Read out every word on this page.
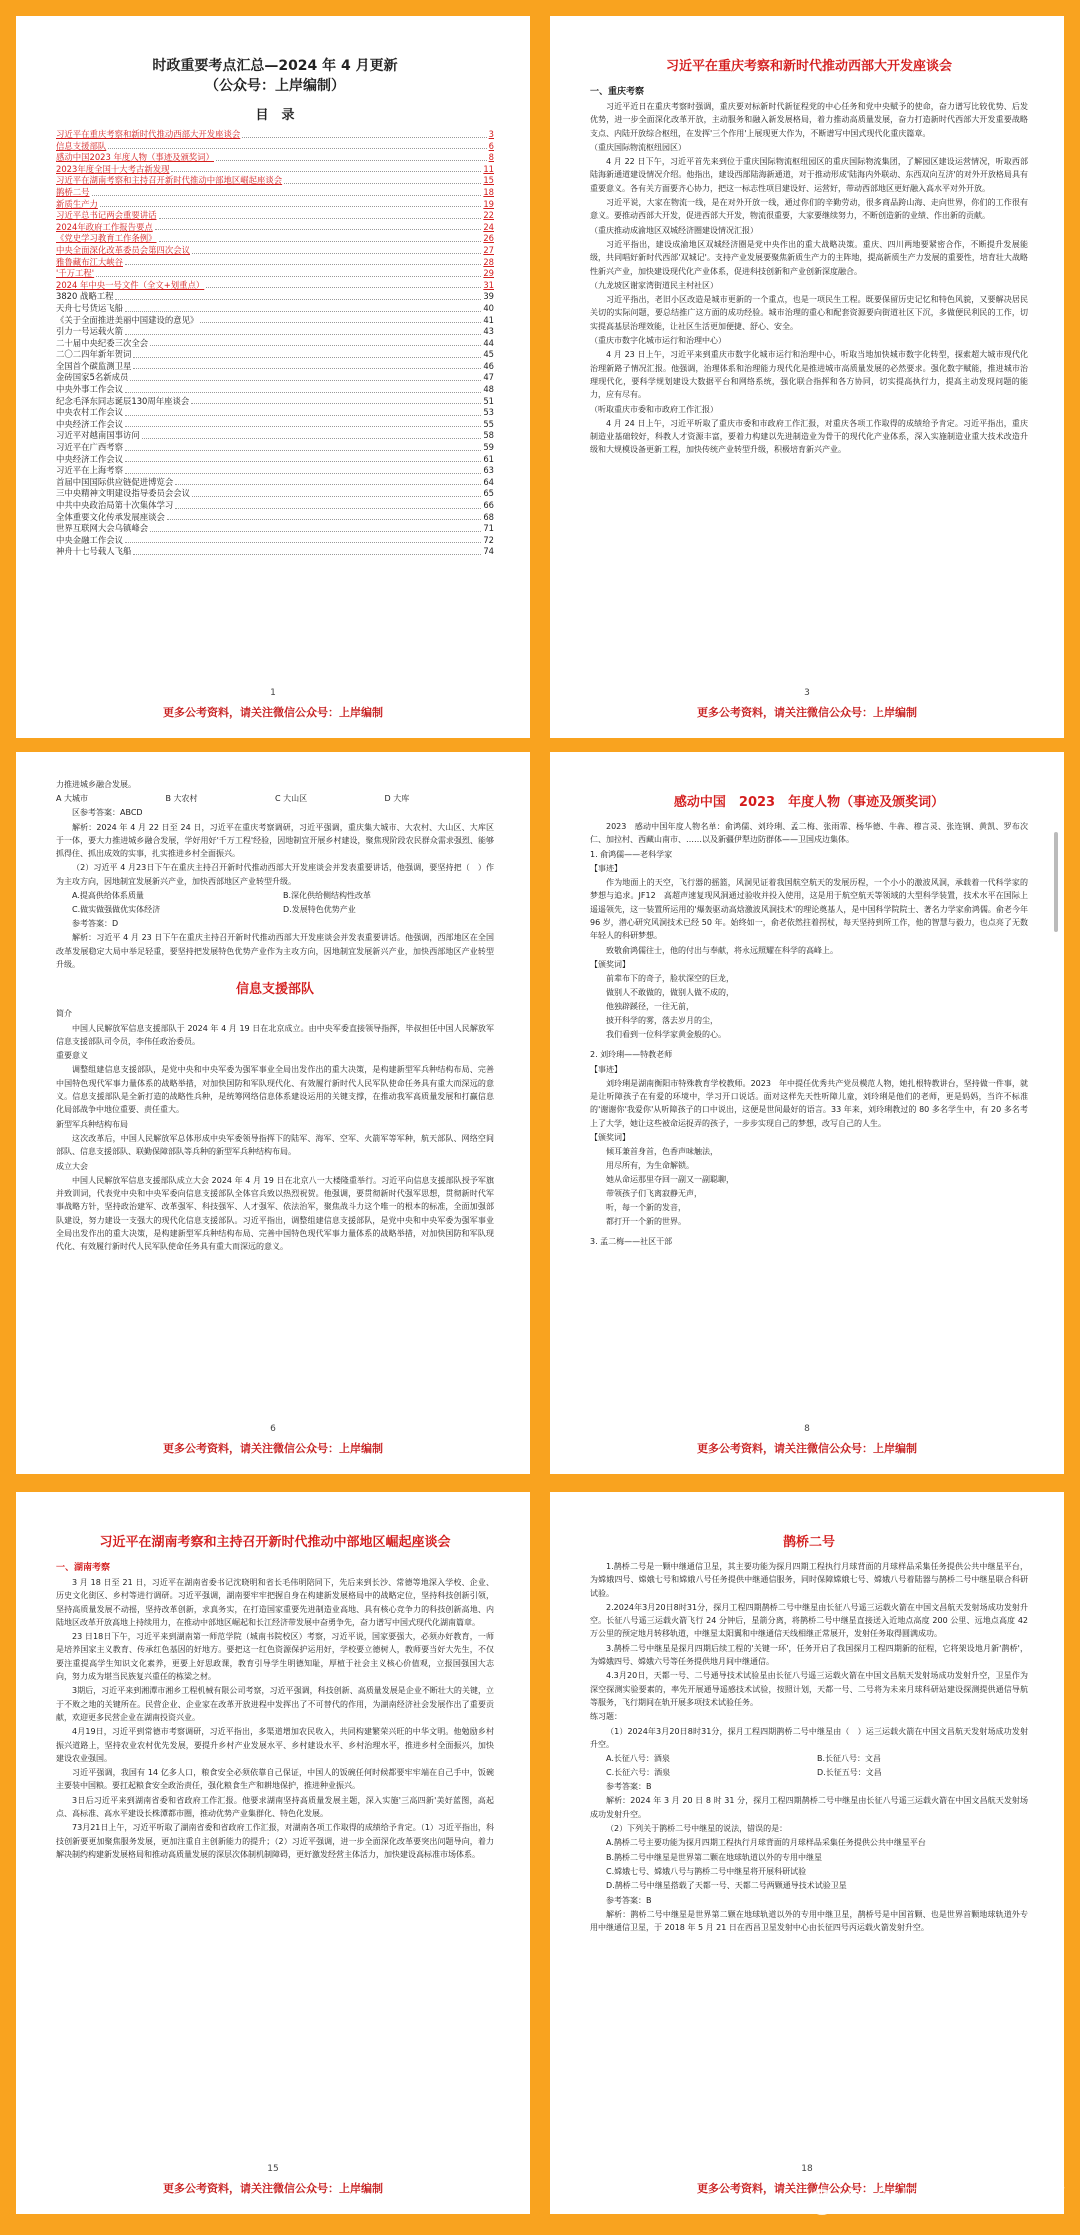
时政重要考点汇总—2024 年 4 月更新
（公众号：上岸编制）
目　录
习近平在重庆考察和新时代推动西部大开发座谈会	3
信息支援部队	6
感动中国2023 年度人物（事迹及颁奖词）	8
2023年度全国十大考古新发现	11
习近平在湖南考察和主持召开新时代推动中部地区崛起座谈会	15
鹊桥二号	18
新质生产力	19
习近平总书记两会重要讲话	22
2024年政府工作报告要点	24
《党史学习教育工作条例》	26
中央全面深化改革委员会第四次会议	27
雅鲁藏布江大峡谷	28
'千万工程'	29
2024 年中央一号文件（全文+划重点）	31
3820 战略工程	39
天舟七号货运飞船	40
《关于全面推进美丽中国建设的意见》	41
引力一号运载火箭	43
二十届中央纪委三次全会	44
二〇二四年新年贺词	45
全国首个碳监测卫星	46
金砖国家5名新成员	47
中央外事工作会议	48
纪念毛泽东同志诞辰130周年座谈会	51
中央农村工作会议	53
中央经济工作会议	55
习近平对越南国事访问	58
习近平在广西考察	59
中央经济工作会议	61
习近平在上海考察	63
首届中国国际供应链促进博览会	64
三中央精神文明建设指导委员会会议	65
中共中央政治局第十次集体学习	66
全体重要文化传承发展座谈会	68
世界互联网大会乌镇峰会	71
中央金融工作会议	72
神舟十七号载人飞船	74
1
更多公考资料，请关注微信公众号：上岸编制
习近平在重庆考察和新时代推动西部大开发座谈会
一、重庆考察

习近平近日在重庆考察时强调，重庆要对标新时代新征程党的中心任务和党中央赋予的使命，奋力谱写比较优势、后发优势，进一步全面深化改革开放，主动服务和融入新发展格局，着力推动高质量发展，奋力打造新时代西部大开发重要战略支点、内陆开放综合枢纽，在发挥'三个作用'上展现更大作为，不断谱写中国式现代化重庆篇章。

（重庆国际物流枢纽园区）

4 月 22 日下午，习近平首先来到位于重庆国际物流枢纽园区的重庆国际物流集团，了解园区建设运营情况，听取西部陆海新通道建设情况介绍。他指出，建设西部陆海新通道，对于推动形成'陆海内外联动、东西双向互济'的对外开放格局具有重要意义。各有关方面要齐心协力，把这一标志性项目建设好、运营好，带动西部地区更好融入高水平对外开放。

习近平说，大家在物流一线，是在对外开放一线，通过你们的辛勤劳动，很多商品跨山海、走向世界，你们的工作很有意义。要推动西部大开发，促进西部大开发，物流很重要，大家要继续努力，不断创造新的业绩、作出新的贡献。

（重庆推动成渝地区双城经济圈建设情况汇报）

习近平指出，建设成渝地区双城经济圈是党中央作出的重大战略决策。重庆、四川两地要紧密合作，不断提升发展能级，共同唱好新时代西部'双城记'。支持产业发展要聚焦新质生产力的主阵地，提高新质生产力发展的重要性，培育壮大战略性新兴产业，加快建设现代化产业体系，促进科技创新和产业创新深度融合。

（九龙坡区谢家湾街道民主村社区）

习近平指出，老旧小区改造是城市更新的一个重点，也是一项民生工程。既要保留历史记忆和特色风貌，又要解决居民关切的实际问题，要总结推广这方面的成功经验。城市治理的重心和配套资源要向街道社区下沉，多做便民利民的工作，切实提高基层治理效能，让社区生活更加便捷、舒心、安全。

（重庆市数字化城市运行和治理中心）

4 月 23 日上午，习近平来到重庆市数字化城市运行和治理中心，听取当地加快城市数字化转型，探索超大城市现代化治理新路子情况汇报。他强调，治理体系和治理能力现代化是推进城市高质量发展的必然要求。强化数字赋能，推进城市治理现代化，要科学规划建设大数据平台和网络系统，强化联合指挥和各方协同，切实提高执行力，提高主动发现问题的能力，应有尽有。

（听取重庆市委和市政府工作汇报）

4 月 24 日上午，习近平听取了重庆市委和市政府工作汇报，对重庆各项工作取得的成绩给予肯定。习近平指出，重庆制造业基础较好，科教人才资源丰富，要着力构建以先进制造业为骨干的现代化产业体系，深入实施制造业重大技术改造升级和大规模设备更新工程，加快传统产业转型升级，积极培育新兴产业。

3
更多公考资料，请关注微信公众号：上岸编制

力推进城乡融合发展。

A 大城市	B 大农村	C 大山区	D 大库

区参考答案：ABCD

解析：2024 年 4 月 22 日至 24 日，习近平在重庆考察调研，习近平强调，重庆集大城市、大农村、大山区、大库区于一体，要大力推进城乡融合发展，学好用好'千万工程'经验，因地制宜开展乡村建设，聚焦现阶段农民群众需求强烈、能够抓得住、抓出成效的实事，扎实推进乡村全面振兴。

（2）习近平 4 月23日下午在重庆主持召开新时代推动西部大开发座谈会并发表重要讲话，他强调，要坚持把（　）作为主攻方向，因地制宜发展新兴产业，加快西部地区产业转型升级。

A.提高供给体系质量	B.深化供给侧结构性改革
C.做实做强做优实体经济	D.发展特色优势产业

参考答案：D

解析：习近平 4 月 23 日下午在重庆主持召开新时代推动西部大开发座谈会并发表重要讲话。他强调，西部地区在全国改革发展稳定大局中举足轻重，要坚持把发展特色优势产业作为主攻方向，因地制宜发展新兴产业，加快西部地区产业转型升级。

信息支援部队

简介

中国人民解放军信息支援部队于 2024 年 4 月 19 日在北京成立。由中央军委直接领导指挥，毕叔担任中国人民解放军信息支援部队司令员，李伟任政治委员。

重要意义

调整组建信息支援部队，是党中央和中央军委为强军事业全局出发作出的重大决策，是构建新型军兵种结构布局、完善中国特色现代军事力量体系的战略举措，对加快国防和军队现代化、有效履行新时代人民军队使命任务具有重大而深远的意义。信息支援部队是全新打造的战略性兵种，是统筹网络信息体系建设运用的关键支撑，在推动我军高质量发展和打赢信息化局部战争中地位重要、责任重大。

新型军兵种结构布局

这次改革后，中国人民解放军总体形成中央军委领导指挥下的陆军、海军、空军、火箭军等军种，航天部队、网络空间部队、信息支援部队、联勤保障部队等兵种的新型军兵种结构布局。

成立大会

中国人民解放军信息支援部队成立大会 2024 年 4 月 19 日在北京八一大楼隆重举行。习近平向信息支援部队授予军旗并致训词，代表党中央和中央军委向信息支援部队全体官兵致以热烈祝贺。他强调，要贯彻新时代强军思想，贯彻新时代军事战略方针，坚持政治建军、改革强军、科技强军、人才强军、依法治军，聚焦战斗力这个唯一的根本的标准，全面加强部队建设，努力建设一支强大的现代化信息支援部队。习近平指出，调整组建信息支援部队，是党中央和中央军委为强军事业全局出发作出的重大决策，是构建新型军兵种结构布局、完善中国特色现代军事力量体系的战略举措，对加快国防和军队现代化、有效履行新时代人民军队使命任务具有重大而深远的意义。

6
更多公考资料，请关注微信公众号：上岸编制
感动中国　2023　年度人物（事迹及颁奖词）

2023　感动中国年度人物名单：俞鸿儒、刘玲琍、孟二梅、张雨霏、杨华德、牛犇、穆言灵、张连钢、黄凯、罗布次仁、加拉村、西藏山南市、……以及新疆伊犁边防群体——卫国戍边集体。

1. 俞鸿儒——老科学家

【事迹】

作为地面上的天空，飞行器的摇篮，风洞见证着我国航空航天的发展历程，一个小小的激波风洞，承载着一代科学家的梦想与追求。JF12　高超声速复现风洞通过验收并投入使用，这是用于航空航天等领域的大型科学装置，技术水平在国际上遥遥领先，这一装置所运用的'爆轰驱动高焓激波风洞技术'的理论奠基人，是中国科学院院士、著名力学家俞鸿儒。俞老今年 96 岁，潜心研究风洞技术已经 50 年。始终如一，俞老依然拄着拐杖，每天坚持到所工作，他的智慧与毅力，也点亮了无数年轻人的科研梦想。

致敬俞鸿儒往士，他的付出与奉献，将永远照耀在科学的高峰上。

【颁奖词】

前辈布下的奇子，脸状深空的巨龙，
做别人不敢做的，做别人做不成的，
他独辟蹊径，一往无前，
披开科学的雾，落去岁月的尘，
我们看到一位科学家黄金般的心。

2. 刘玲琍——特教老师

【事迹】

刘玲琍是湖南衡阳市特殊教育学校教师。2023　年中提任优秀共产党员模范人物，她扎根特教讲台，坚持做一件事，就是让听障孩子在有爱的环境中，学习开口说话。面对这样先天性听障儿童，刘玲琍是他们的老师，更是妈妈，当许不标准的'谢谢你'我爱你'从听障孩子的口中说出，这便是世间最好的语言。33 年来，刘玲琍教过的 80 多名学生中，有 20 多名考上了大学，她让这些被命运捉弄的孩子，一步步实现自己的梦想，改写自己的人生。

【颁奖词】

倾耳兼首身首，色香声味触法，
用尽所有，为生命解锁。
她从命运那里夺回一副又一副聪聊，
带领孩子们飞离寂静无声，
听，每一个新的发音，
都打开一个新的世界。

3. 孟二梅——社区干部

8
更多公考资料，请关注微信公众号：上岸编制
习近平在湖南考察和主持召开新时代推动中部地区崛起座谈会
一、湖南考察

3 月 18 日至 21 日，习近平在湖南省委书记沈晓明和省长毛伟明陪同下，先后来到长沙、常德等地深入学校、企业、历史文化街区、乡村等进行调研。习近平强调，湖南要牢牢把握自身在构建新发展格局中的战略定位，坚持科技创新引领，坚持高质量发展不动摇，坚持改革创新，求真务实，在打造国家重要先进制造业高地、具有核心竞争力的科技创新高地、内陆地区改革开放高地上持续用力，在推动中部地区崛起和长江经济带发展中奋勇争先，奋力谱写中国式现代化湖南篇章。

23 日18日下午，习近平来到湖南第一师范学院（城南书院校区）考察，习近平说，国家要强大，必须办好教育，一师是培养国家主义教育、传承红色基因的好地方。要把这一红色资源保护运用好，学校要立德树人，教师要当好大先生，不仅要注重提高学生知识文化素养，更要上好思政课，教育引导学生明德知耻，厚植于社会主义核心价值观，立报国强国大志向，努力成为堪当民族复兴重任的栋梁之材。

3期后，习近平来到湘潭市湘乡工程机械有限公司考察，习近平强调，科技创新、高质量发展是企业不断壮大的关键，立于不败之地的关键所在。民营企业、企业家在改革开放进程中发挥出了不可替代的作用，为湖南经济社会发展作出了重要贡献，欢迎更多民营企业在湖南投资兴业。

4月19日，习近平到常德市考察调研，习近平指出，多渠道增加农民收入，共同构建繁荣兴旺的中华文明。他勉励乡村振兴道路上，坚持农业农村优先发展，要提升乡村产业发展水平、乡村建设水平、乡村治理水平，推进乡村全面振兴，加快建设农业强国。

习近平强调，我国有 14 亿多人口，粮食安全必须依靠自己保证，中国人的饭碗任何时候都要牢牢端在自己手中，饭碗主要装中国粮。要扛起粮食安全政治责任，强化粮食生产和耕地保护，推进种业振兴。

3日后习近平来到湖南省委和省政府工作汇报。他要求湖南坚持高质量发展主题，深入实施'三高四新'美好蓝图，高起点、高标准、高水平建设长株潭都市圈，推动优势产业集群化、特色化发展。

73月21日上午，习近平听取了湖南省委和省政府工作汇报，对湖南各项工作取得的成绩给予肯定。（1）习近平指出，科技创新要更加聚焦服务发展，更加注重自主创新能力的提升；（2）习近平强调，进一步全面深化改革要突出问题导向，着力解决制约构建新发展格局和推动高质量发展的深层次体制机制障碍，更好激发经营主体活力，加快建设高标准市场体系。

15
更多公考资料，请关注微信公众号：上岸编制
鹊桥二号

1.鹊桥二号是一颗中继通信卫星，其主要功能为探月四期工程执行月球背面的月球样品采集任务提供公共中继星平台，为嫦娥四号、嫦娥七号和嫦娥八号任务提供中继通信服务，同时保障嫦娥七号、嫦娥八号着陆器与鹊桥二号中继星联合科研试验。

2.2024年3月20日8时31分，探月工程四期鹊桥二号中继星由长征八号遥三运载火箭在中国文昌航天发射场成功发射升空。长征八号遥三运载火箭飞行 24 分钟后，星箭分离，将鹊桥二号中继星直接送入近地点高度 200 公里、远地点高度 42 万公里的预定地月转移轨道，中继星太阳翼和中继通信天线相继正常展开，发射任务取得圆满成功。

3.鹊桥二号中继星是探月四期后续工程的'关键一环'，任务开启了我国探月工程四期新的征程，它将架设地月新'鹊桥'，为嫦娥四号、嫦娥六号等任务提供地月间中继通信。

4.3月20日，天都一号、二号通导技术试验星由长征八号遥三运载火箭在中国文昌航天发射场成功发射升空，卫星作为深空探测实验要素的，率先开展通导遥感技术试验，按照计划，天都一号、二号将为未来月球科研站建设探测提供通信导航等服务，飞行期间在轨开展多项技术试验任务。

练习题：

（1）2024年3月20日8时31分，探月工程四期鹊桥二号中继星由（　）运三运载火箭在中国文昌航天发射场成功发射升空。

A.长征八号：酒泉	B.长征八号：文昌
C.长征六号：酒泉	D.长征五号：文昌

参考答案：B

解析：2024 年 3 月 20 日 8 时 31 分，探月工程四期鹊桥二号中继星由长征八号遥三运载火箭在中国文昌航天发射场成功发射升空。

（2）下列关于鹊桥二号中继星的说法，错误的是：

A.鹊桥二号主要功能为探月四期工程执行月球背面的月球样品采集任务提供公共中继星平台

B.鹊桥二号中继星是世界第二颗在地球轨道以外的专用中继星

C.嫦娥七号、嫦娥八号与鹊桥二号中继星将开展科研试验

D.鹊桥二号中继星搭载了天都一号、天都二号两颗通导技术试验卫星

参考答案：B

解析：鹊桥二号中继星是世界第二颗在地球轨道以外的专用中继卫星，鹊桥号是中国首颗、也是世界首颗地球轨道外专用中继通信卫星，于 2018 年 5 月 21 日在西昌卫星发射中心由长征四号丙运载火箭发射升空。

18
更多公考资料，请关注微信公众号：上岸编制
公众号 · 上岸编制
